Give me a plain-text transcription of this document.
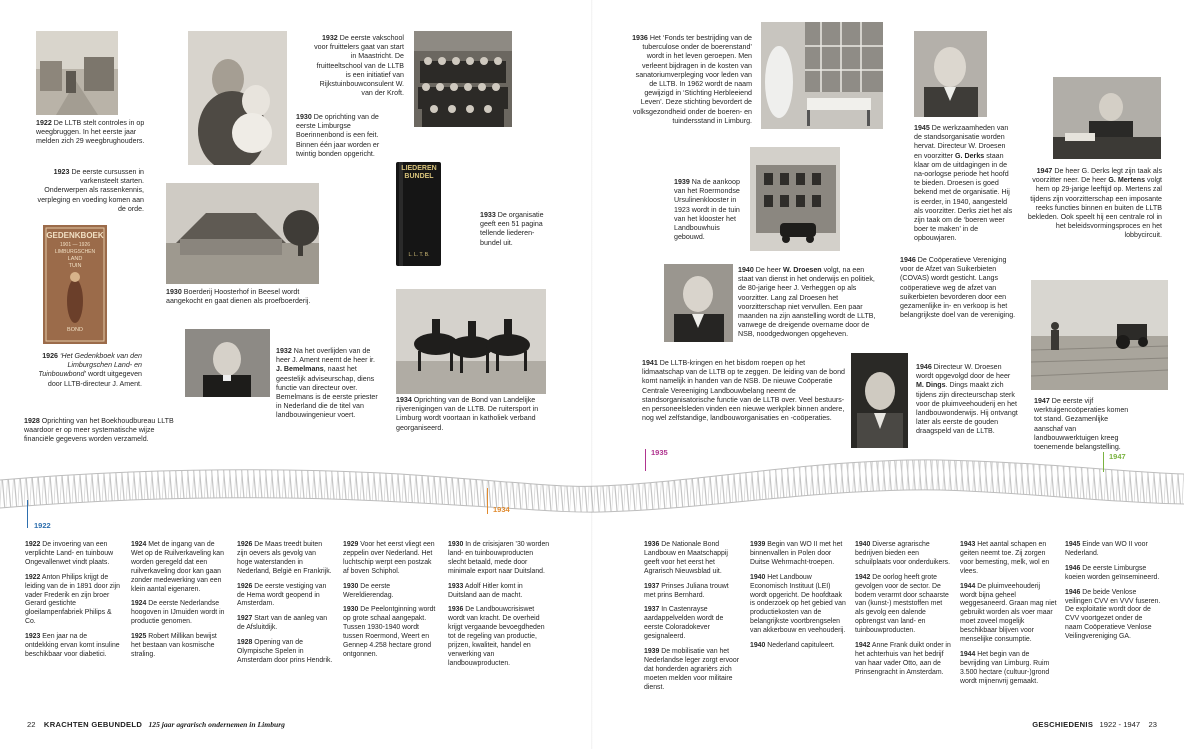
GEDENKBOEK
1901 — 1926
LIMBURGSCHEN
LAND
TUIN
BOND
LIEDEREN
BUNDEL
L. L. T. B.
1922 De LLTB stelt controles in op weegbruggen. In het eerste jaar melden zich 29 weegbrughouders.
1923 De eerste cursussen in varkensteelt starten. Onderwerpen als rassenkennis, verpleging en voeding komen aan de orde.
1926 ‘Het Gedenkboek van den Limburgschen Land- en Tuinbouwbond’ wordt uitgegeven door LLTB-directeur J. Ament.
1928 Oprichting van het Boekhoudbureau LLTB waardoor er op meer systematische wijze financiële gegevens worden verzameld.
1930 De oprichting van de eerste Limburgse Boerinnenbond is een feit. Binnen één jaar worden er twintig bonden opgericht.
1930 Boerderij Hoosterhof in Beesel wordt aangekocht en gaat dienen als proefboerderij.
1932 De eerste vakschool voor fruittelers gaat van start in Maastricht. De fruitteeltschool van de LLTB is een initiatief van Rijkstuinbouwconsulent W. van der Kroft.
1932 Na het overlijden van de heer J. Ament neemt de heer ir. J. Bemelmans, naast het geestelijk adviseurschap, diens functie van directeur over. Bemelmans is de eerste priester in Nederland die de titel van landbouwingenieur voert.
1933 De organisatie geeft een 51 pagina tellende liederen-bundel uit.
1934 Oprichting van de Bond van Landelijke rijverenigingen van de LLTB. De ruitersport in Limburg wordt voortaan in katholiek verband georganiseerd.
1936 Het ‘Fonds ter bestrijding van de tuberculose onder de boerenstand’ wordt in het leven geroepen. Men verleent bijdragen in de kosten van sanatoriumverpleging voor leden van de LLTB. In 1962 wordt de naam gewijzigd in ‘Stichting Herbleeiend Leven’. Deze stichting bevordert de volksgezondheid onder de boeren- en tuindersstand in Limburg.
1939 Na de aankoop van het Roermondse Ursulinenklooster in 1923 wordt in de tuin van het klooster het Landbouwhuis gebouwd.
1940 De heer W. Droesen volgt, na een staat van dienst in het onderwijs en politiek, de 80-jarige heer J. Verheggen op als voorzitter. Lang zal Droesen het voorzitterschap niet vervullen. Een paar maanden na zijn aanstelling wordt de LLTB, vanwege de dreigende overname door de NSB, noodgedwongen opgeheven.
1941 De LLTB-kringen en het bisdom roepen op het lidmaatschap van de LLTB op te zeggen. De leiding van de bond komt namelijk in handen van de NSB. De nieuwe Coöperatie Centrale Vereeniging Landbouwbelang neemt de standsorganisatorische functie van de LLTB over. Veel bestuurs- en personeelsleden vinden een nieuwe werkplek binnen andere, nog wel zelfstandige, landbouworganisaties en -coöperaties.
1945 De werkzaamheden van de standsorganisatie worden hervat. Directeur W. Droesen en voorzitter G. Derks staan klaar om de uitdagingen in de na-oorlogse periode het hoofd te bieden. Droesen is goed bekend met de organisatie. Hij is eerder, in 1940, aangesteld als voorzitter. Derks ziet het als zijn taak om de ‘boeren weer boer te maken’ in de opbouwjaren.
1946 De Coöperatieve Vereniging voor de Afzet van Suikerbieten (COVAS) wordt gesticht. Langs coöperatieve weg de afzet van suikerbieten bevorderen door een gezamenlijke in- en verkoop is het belangrijkste doel van de vereniging.
1946 Directeur W. Droesen wordt opgevolgd door de heer M. Dings. Dings maakt zich tijdens zijn directeurschap sterk voor de pluimveehouderij en het landbouwonderwijs. Hij ontvangt later als eerste de gouden draagspeld van de LLTB.
1947 De heer G. Derks legt zijn taak als voorzitter neer. De heer G. Mertens volgt hem op 29-jarige leeftijd op. Mertens zal tijdens zijn voorzitterschap een imposante reeks functies binnen en buiten de LLTB bekleden. Ook speelt hij een centrale rol in het beleidsvormingsproces en het lobbycircuit.
1947 De eerste vijf werktuigencoöperaties komen tot stand. Gezamenlijke aanschaf van landbouwwerktuigen kreeg toenemende belangstelling.
1922
1934
1935	1947

1922 De invoering van een verplichte Land- en tuinbouw Ongevallenwet vindt plaats.

1922 Anton Philips krijgt de leiding van de in 1891 door zijn vader Frederik en zijn broer Gerard gestichte gloeilampenfabriek Philips & Co.

1923 Een jaar na de ontdekking ervan komt insuline beschikbaar voor diabetici.

1924 Met de ingang van de Wet op de Ruilverkaveling kan worden geregeld dat een ruilverkaveling door kan gaan zonder medewerking van een klein aantal eigenaren.

1924 De eerste Nederlandse hoogoven in IJmuiden wordt in productie genomen.

1925 Robert Millikan bewijst het bestaan van kosmische straling.

1926 De Maas treedt buiten zijn oevers als gevolg van hoge waterstanden in Nederland, België en Frankrijk.

1926 De eerste vestiging van de Hema wordt geopend in Amsterdam.

1927 Start van de aanleg van de Afsluitdijk.

1928 Opening van de Olympische Spelen in Amsterdam door prins Hendrik.

1929 Voor het eerst vliegt een zeppelin over Nederland. Het luchtschip werpt een postzak af boven Schiphol.

1930 De eerste Wereldierendag.

1930 De Peelontginning wordt op grote schaal aangepakt. Tussen 1930-1940 wordt tussen Roermond, Weert en Gennep 4.258 hectare grond ontgonnen.

1930 In de crisisjaren ’30 worden land- en tuinbouwproducten slecht betaald, mede door minimale export naar Duitsland.

1933 Adolf Hitler komt in Duitsland aan de macht.

1936 De Landbouwcrisiswet wordt van kracht. De overheid krijgt vergaande bevoegdheden tot de regeling van productie, prijzen, kwaliteit, handel en verwerking van landbouwproducten.

1936 De Nationale Bond Landbouw en Maatschappij geeft voor het eerst het Agrarisch Nieuwsblad uit.

1937 Prinses Juliana trouwt met prins Bernhard.

1937 In Castenrayse aardappelvelden wordt de eerste Coloradokever gesignaleerd.

1939 De mobilisatie van het Nederlandse leger zorgt ervoor dat honderden agrariërs zich moeten melden voor militaire dienst.

1939 Begin van WO II met het binnenvallen in Polen door Duitse Wehrmacht-troepen.

1940 Het Landbouw Economisch Instituut (LEI) wordt opgericht. De hoofdtaak is onderzoek op het gebied van productiekosten van de belangrijkste voortbrengselen van akkerbouw en veehouderij.

1940 Nederland capituleert.

1940 Diverse agrarische bedrijven bieden een schuilplaats voor onderduikers.

1942 De oorlog heeft grote gevolgen voor de sector. De bodem verarmt door schaarste van (kunst-) meststoffen met als gevolg een dalende opbrengst van land- en tuinbouwproducten.

1942 Anne Frank duikt onder in het achterhuis van het bedrijf van haar vader Otto, aan de Prinsengracht in Amsterdam.

1943 Het aantal schapen en geiten neemt toe. Zij zorgen voor bemesting, melk, wol en vlees.

1944 De pluimveehouderij wordt bijna geheel weggesaneerd. Graan mag niet gebruikt worden als voer maar moet zoveel mogelijk beschikbaar blijven voor menselijke consumptie.

1944 Het begin van de bevrijding van Limburg. Ruim 3.500 hectare (cultuur-)grond wordt mijnenvrij gemaakt.

1945 Einde van WO II voor Nederland.

1946 De eerste Limburgse koeien worden geïnsemineerd.

1946 De beide Venlose veilingen CVV en VVV fuseren. De exploitatie wordt door de CVV voortgezet onder de naam Coöperatieve Venlose Veilingvereniging GA.

22 KRACHTEN GEBUNDELD 125 jaar agrarisch ondernemen in Limburg	GESCHIEDENIS 1922 - 1947 23
